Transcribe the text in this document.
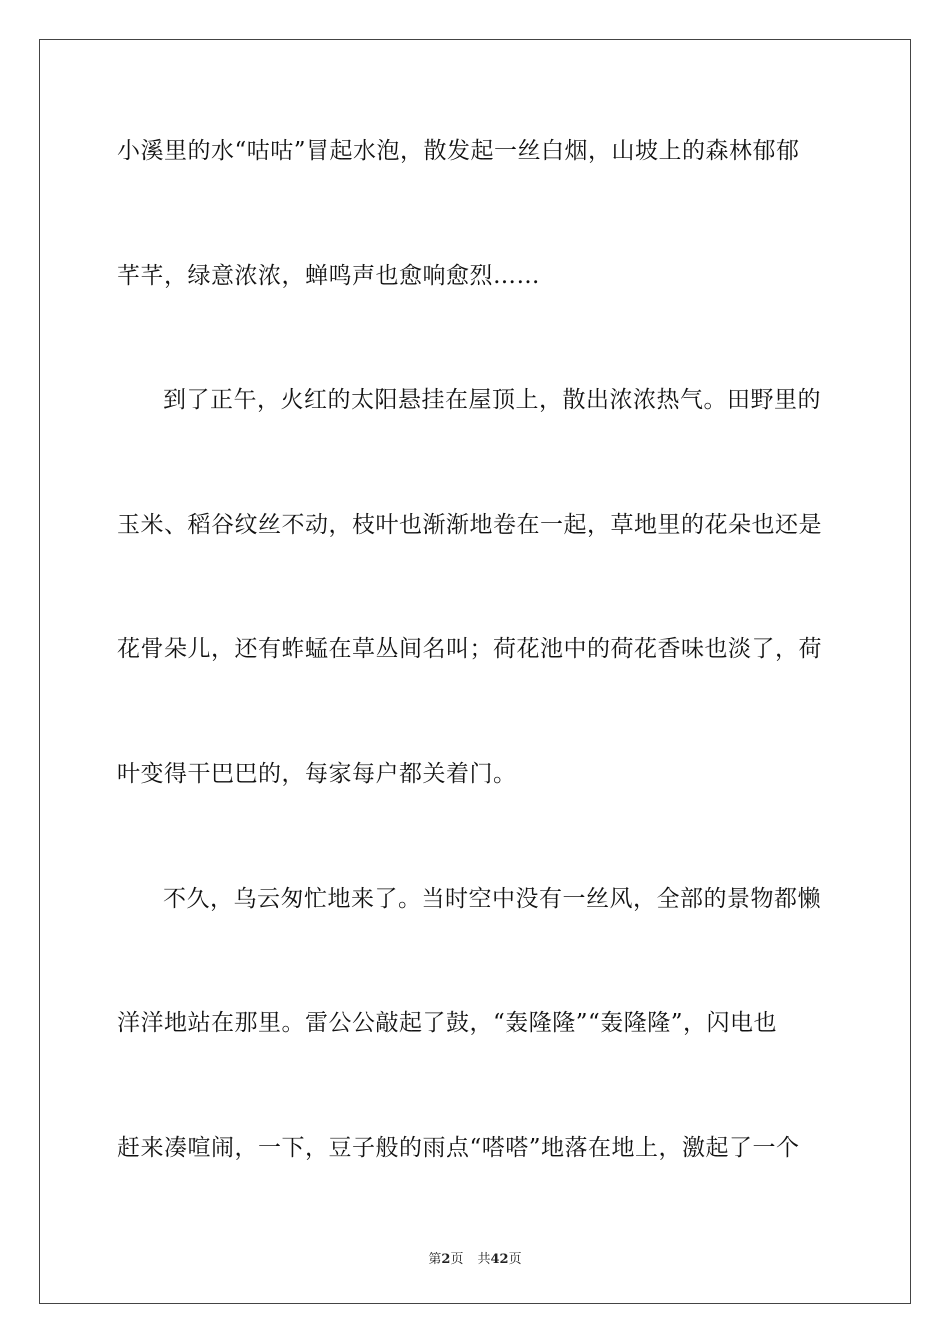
小溪里的水“咕咕”冒起水泡，散发起一丝白烟，山坡上的森林郁郁
芊芊，绿意浓浓，蝉鸣声也愈响愈烈……
到了正午，火红的太阳悬挂在屋顶上，散出浓浓热气。田野里的
玉米、稻谷纹丝不动，枝叶也渐渐地卷在一起，草地里的花朵也还是
花骨朵儿，还有蚱蜢在草丛间名叫；荷花池中的荷花香味也淡了，荷
叶变得干巴巴的，每家每户都关着门。
不久，乌云匆忙地来了。当时空中没有一丝风，全部的景物都懒
洋洋地站在那里。雷公公敲起了鼓，“轰隆隆”“轰隆隆”，闪电也
赶来凑喧闹，一下，豆子般的雨点“嗒嗒”地落在地上，激起了一个
第2页 共42页
